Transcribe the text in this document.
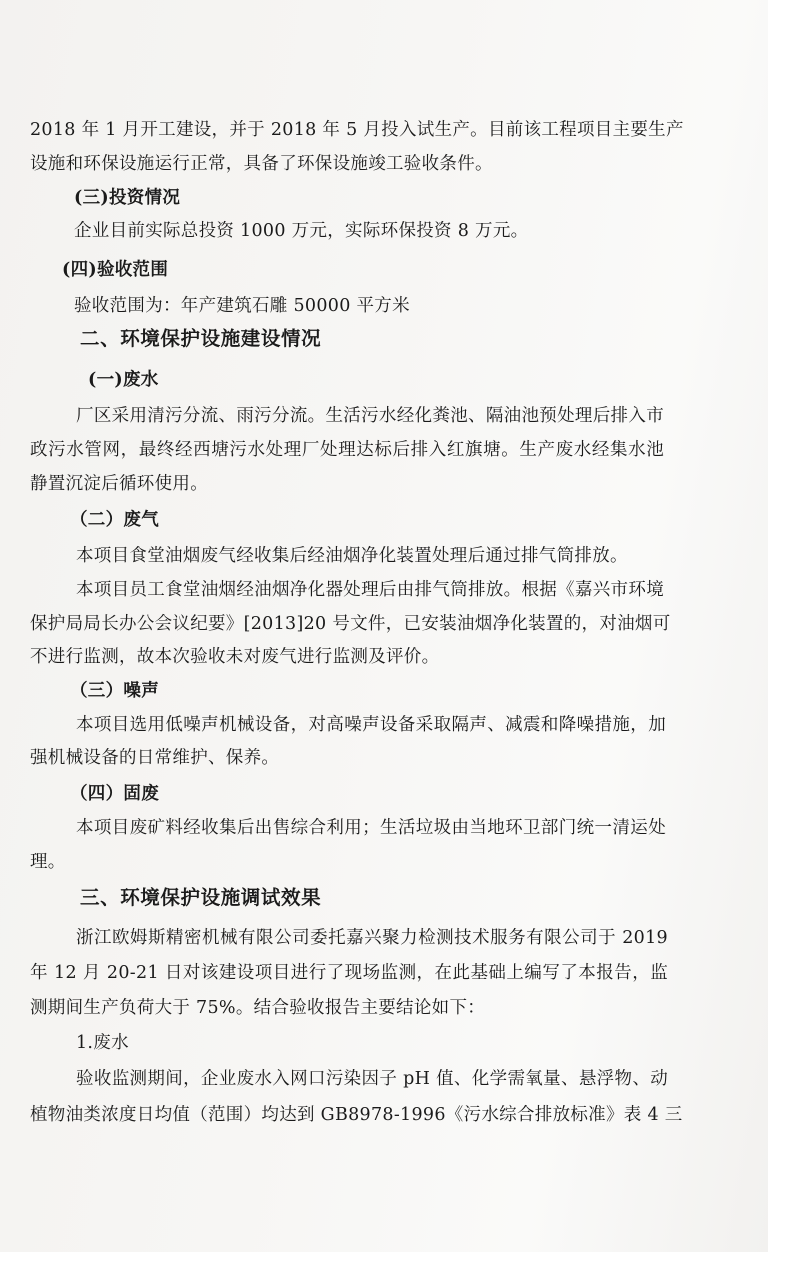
2018 年 1 月开工建设，并于 2018 年 5 月投入试生产。目前该工程项目主要生产
设施和环保设施运行正常，具备了环保设施竣工验收条件。
(三)投资情况
企业目前实际总投资 1000 万元，实际环保投资 8 万元。
(四)验收范围
验收范围为：年产建筑石雕 50000 平方米
二、环境保护设施建设情况
(一)废水
厂区采用清污分流、雨污分流。生活污水经化粪池、隔油池预处理后排入市
政污水管网，最终经西塘污水处理厂处理达标后排入红旗塘。生产废水经集水池
静置沉淀后循环使用。
（二）废气
本项目食堂油烟废气经收集后经油烟净化装置处理后通过排气筒排放。
本项目员工食堂油烟经油烟净化器处理后由排气筒排放。根据《嘉兴市环境
保护局局长办公会议纪要》[2013]20 号文件，已安装油烟净化装置的，对油烟可
不进行监测，故本次验收未对废气进行监测及评价。
（三）噪声
本项目选用低噪声机械设备，对高噪声设备采取隔声、减震和降噪措施，加
强机械设备的日常维护、保养。
（四）固废
本项目废矿料经收集后出售综合利用；生活垃圾由当地环卫部门统一清运处
理。
三、环境保护设施调试效果
浙江欧姆斯精密机械有限公司委托嘉兴聚力检测技术服务有限公司于 2019
年 12 月 20-21 日对该建设项目进行了现场监测，在此基础上编写了本报告，监
测期间生产负荷大于 75%。结合验收报告主要结论如下：
1.废水
验收监测期间，企业废水入网口污染因子 pH 值、化学需氧量、悬浮物、动
植物油类浓度日均值（范围）均达到 GB8978-1996《污水综合排放标准》表 4 三
